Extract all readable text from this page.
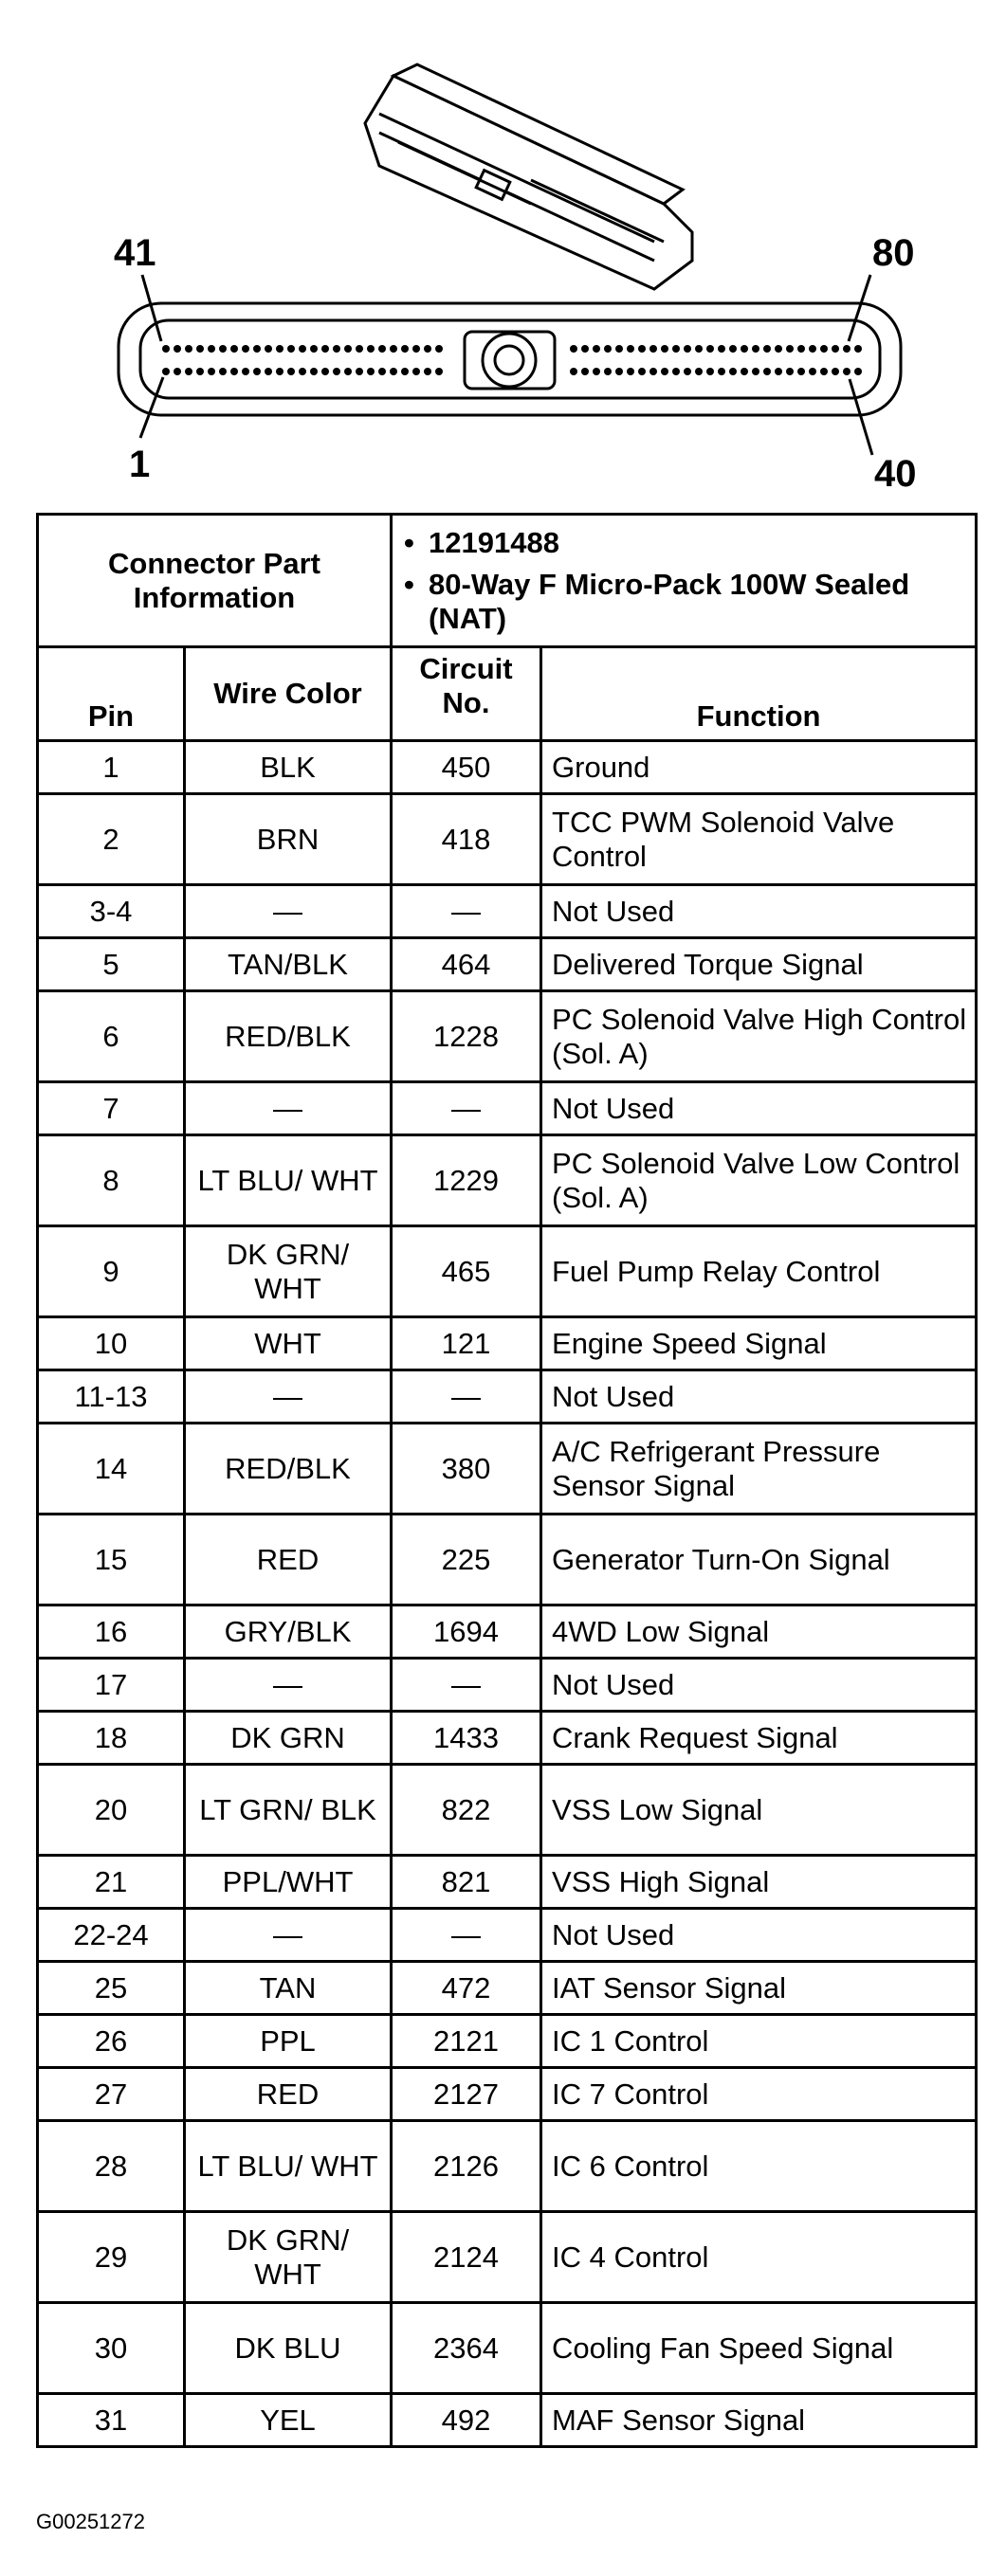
41	80
1	40
Connector Part Information		• 12191488
• 80-Way F Micro-Pack 100W Sealed (NAT)

Pin	Wire Color	Circuit No.	Function
1	BLK	450	Ground
2	BRN	418	TCC PWM Solenoid Valve Control
3-4	—	—	Not Used
5	TAN/BLK	464	Delivered Torque Signal
6	RED/BLK	1228	PC Solenoid Valve High Control (Sol. A)
7	—	—	Not Used
8	LT BLU/ WHT	1229	PC Solenoid Valve Low Control (Sol. A)
9	DK GRN/ WHT	465	Fuel Pump Relay Control
10	WHT	121	Engine Speed Signal
11-13	—	—	Not Used
14	RED/BLK	380	A/C Refrigerant Pressure Sensor Signal
15	RED	225	Generator Turn-On Signal
16	GRY/BLK	1694	4WD Low Signal
17	—	—	Not Used
18	DK GRN	1433	Crank Request Signal
20	LT GRN/ BLK	822	VSS Low Signal
21	PPL/WHT	821	VSS High Signal
22-24	—	—	Not Used
25	TAN	472	IAT Sensor Signal
26	PPL	2121	IC 1 Control
27	RED	2127	IC 7 Control
28	LT BLU/ WHT	2126	IC 6 Control
29	DK GRN/ WHT	2124	IC 4 Control
30	DK BLU	2364	Cooling Fan Speed Signal
31	YEL	492	MAF Sensor Signal
G00251272
